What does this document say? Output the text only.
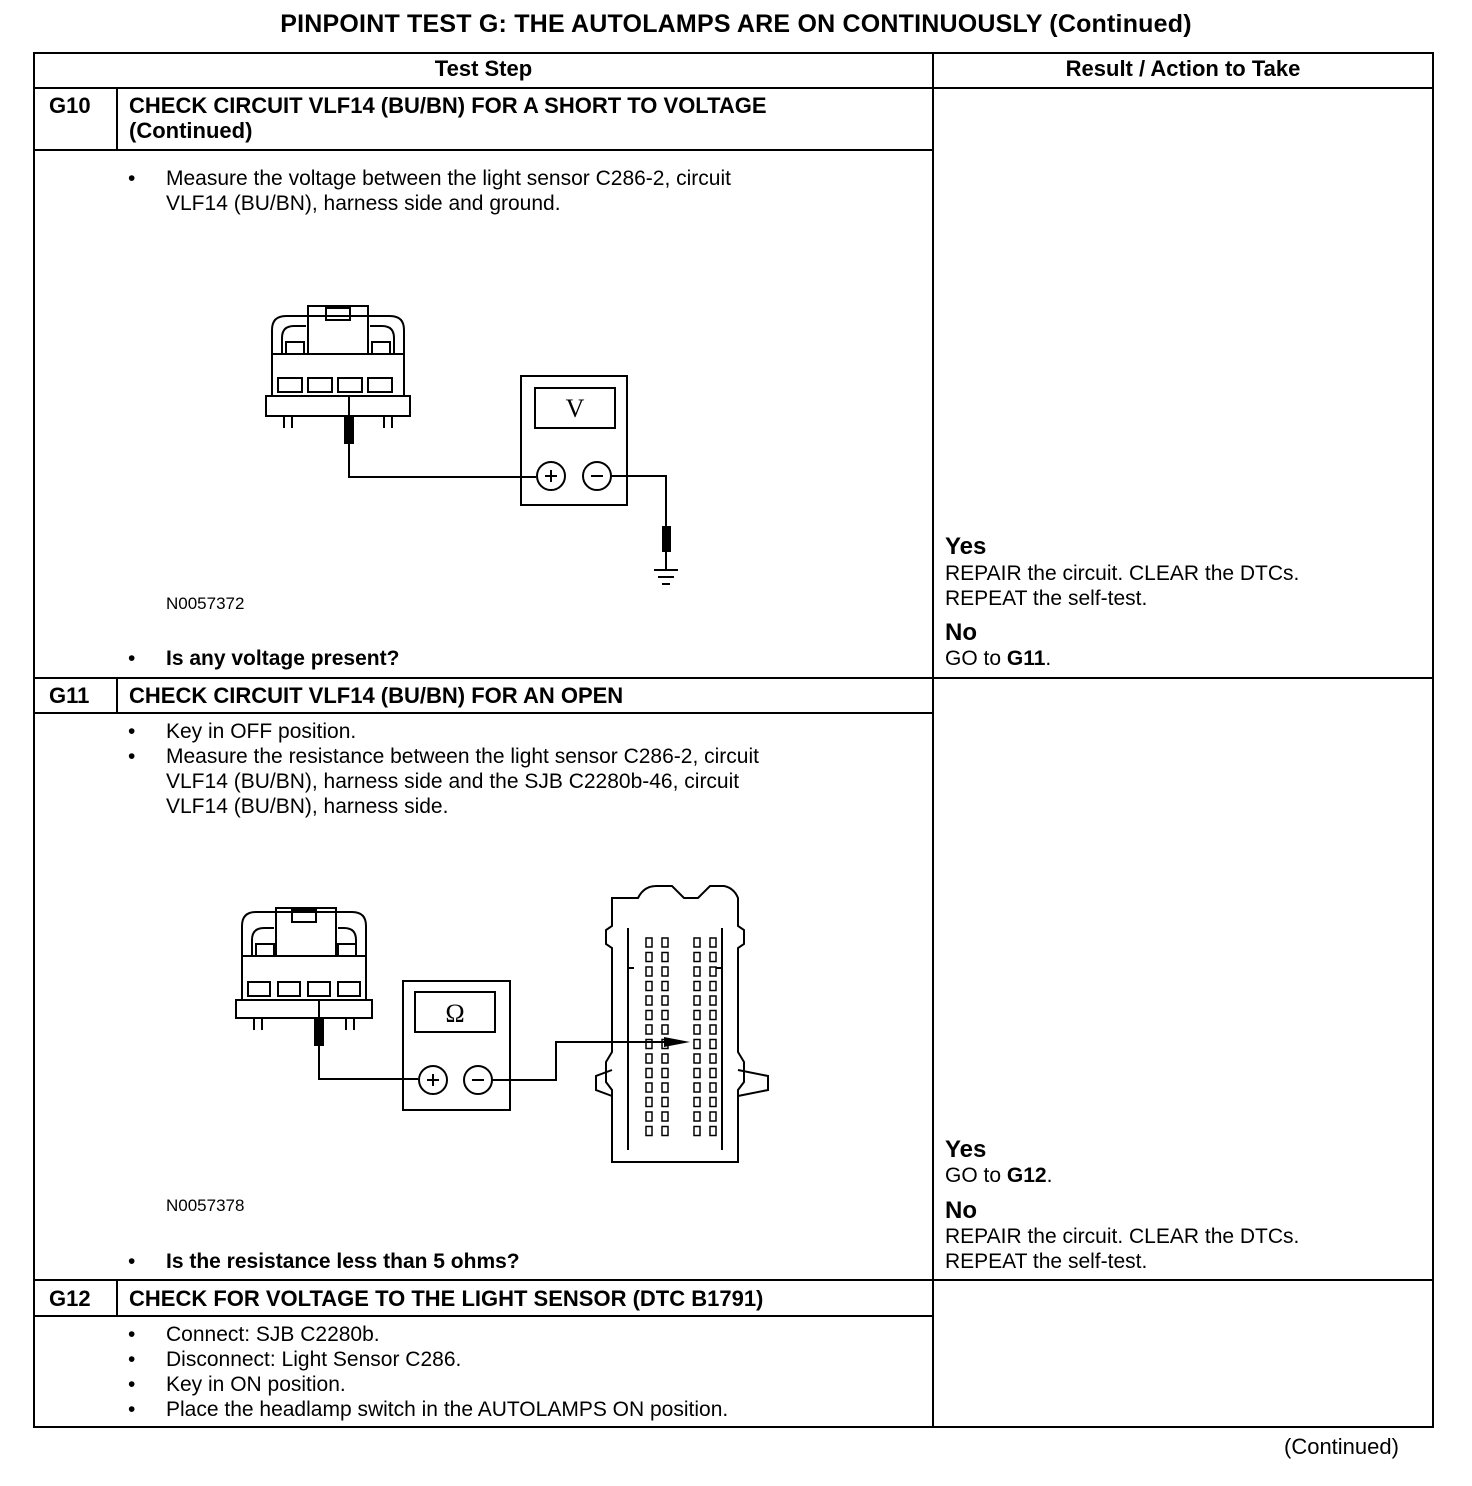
PINPOINT TEST G: THE AUTOLAMPS ARE ON CONTINUOUSLY (Continued)
Test Step	Result / Action to Take
G10 CHECK CIRCUIT VLF14 (BU/BN) FOR A SHORT TO VOLTAGE
(Continued)
• Measure the voltage between the light sensor C286-2, circuit
VLF14 (BU/BN), harness side and ground.
V
N0057372
• Is any voltage present?
Yes
REPAIR the circuit. CLEAR the DTCs.
REPEAT the self-test.
No
GO to G11.
G11 CHECK CIRCUIT VLF14 (BU/BN) FOR AN OPEN
• Key in OFF position.
• Measure the resistance between the light sensor C286-2, circuit
VLF14 (BU/BN), harness side and the SJB C2280b-46, circuit
VLF14 (BU/BN), harness side.
Ω
N0057378
• Is the resistance less than 5 ohms?
Yes
GO to G12.
No
REPAIR the circuit. CLEAR the DTCs.
REPEAT the self-test.
G12 CHECK FOR VOLTAGE TO THE LIGHT SENSOR (DTC B1791)
• Connect: SJB C2280b.
• Disconnect: Light Sensor C286.
• Key in ON position.
• Place the headlamp switch in the AUTOLAMPS ON position.
(Continued)
